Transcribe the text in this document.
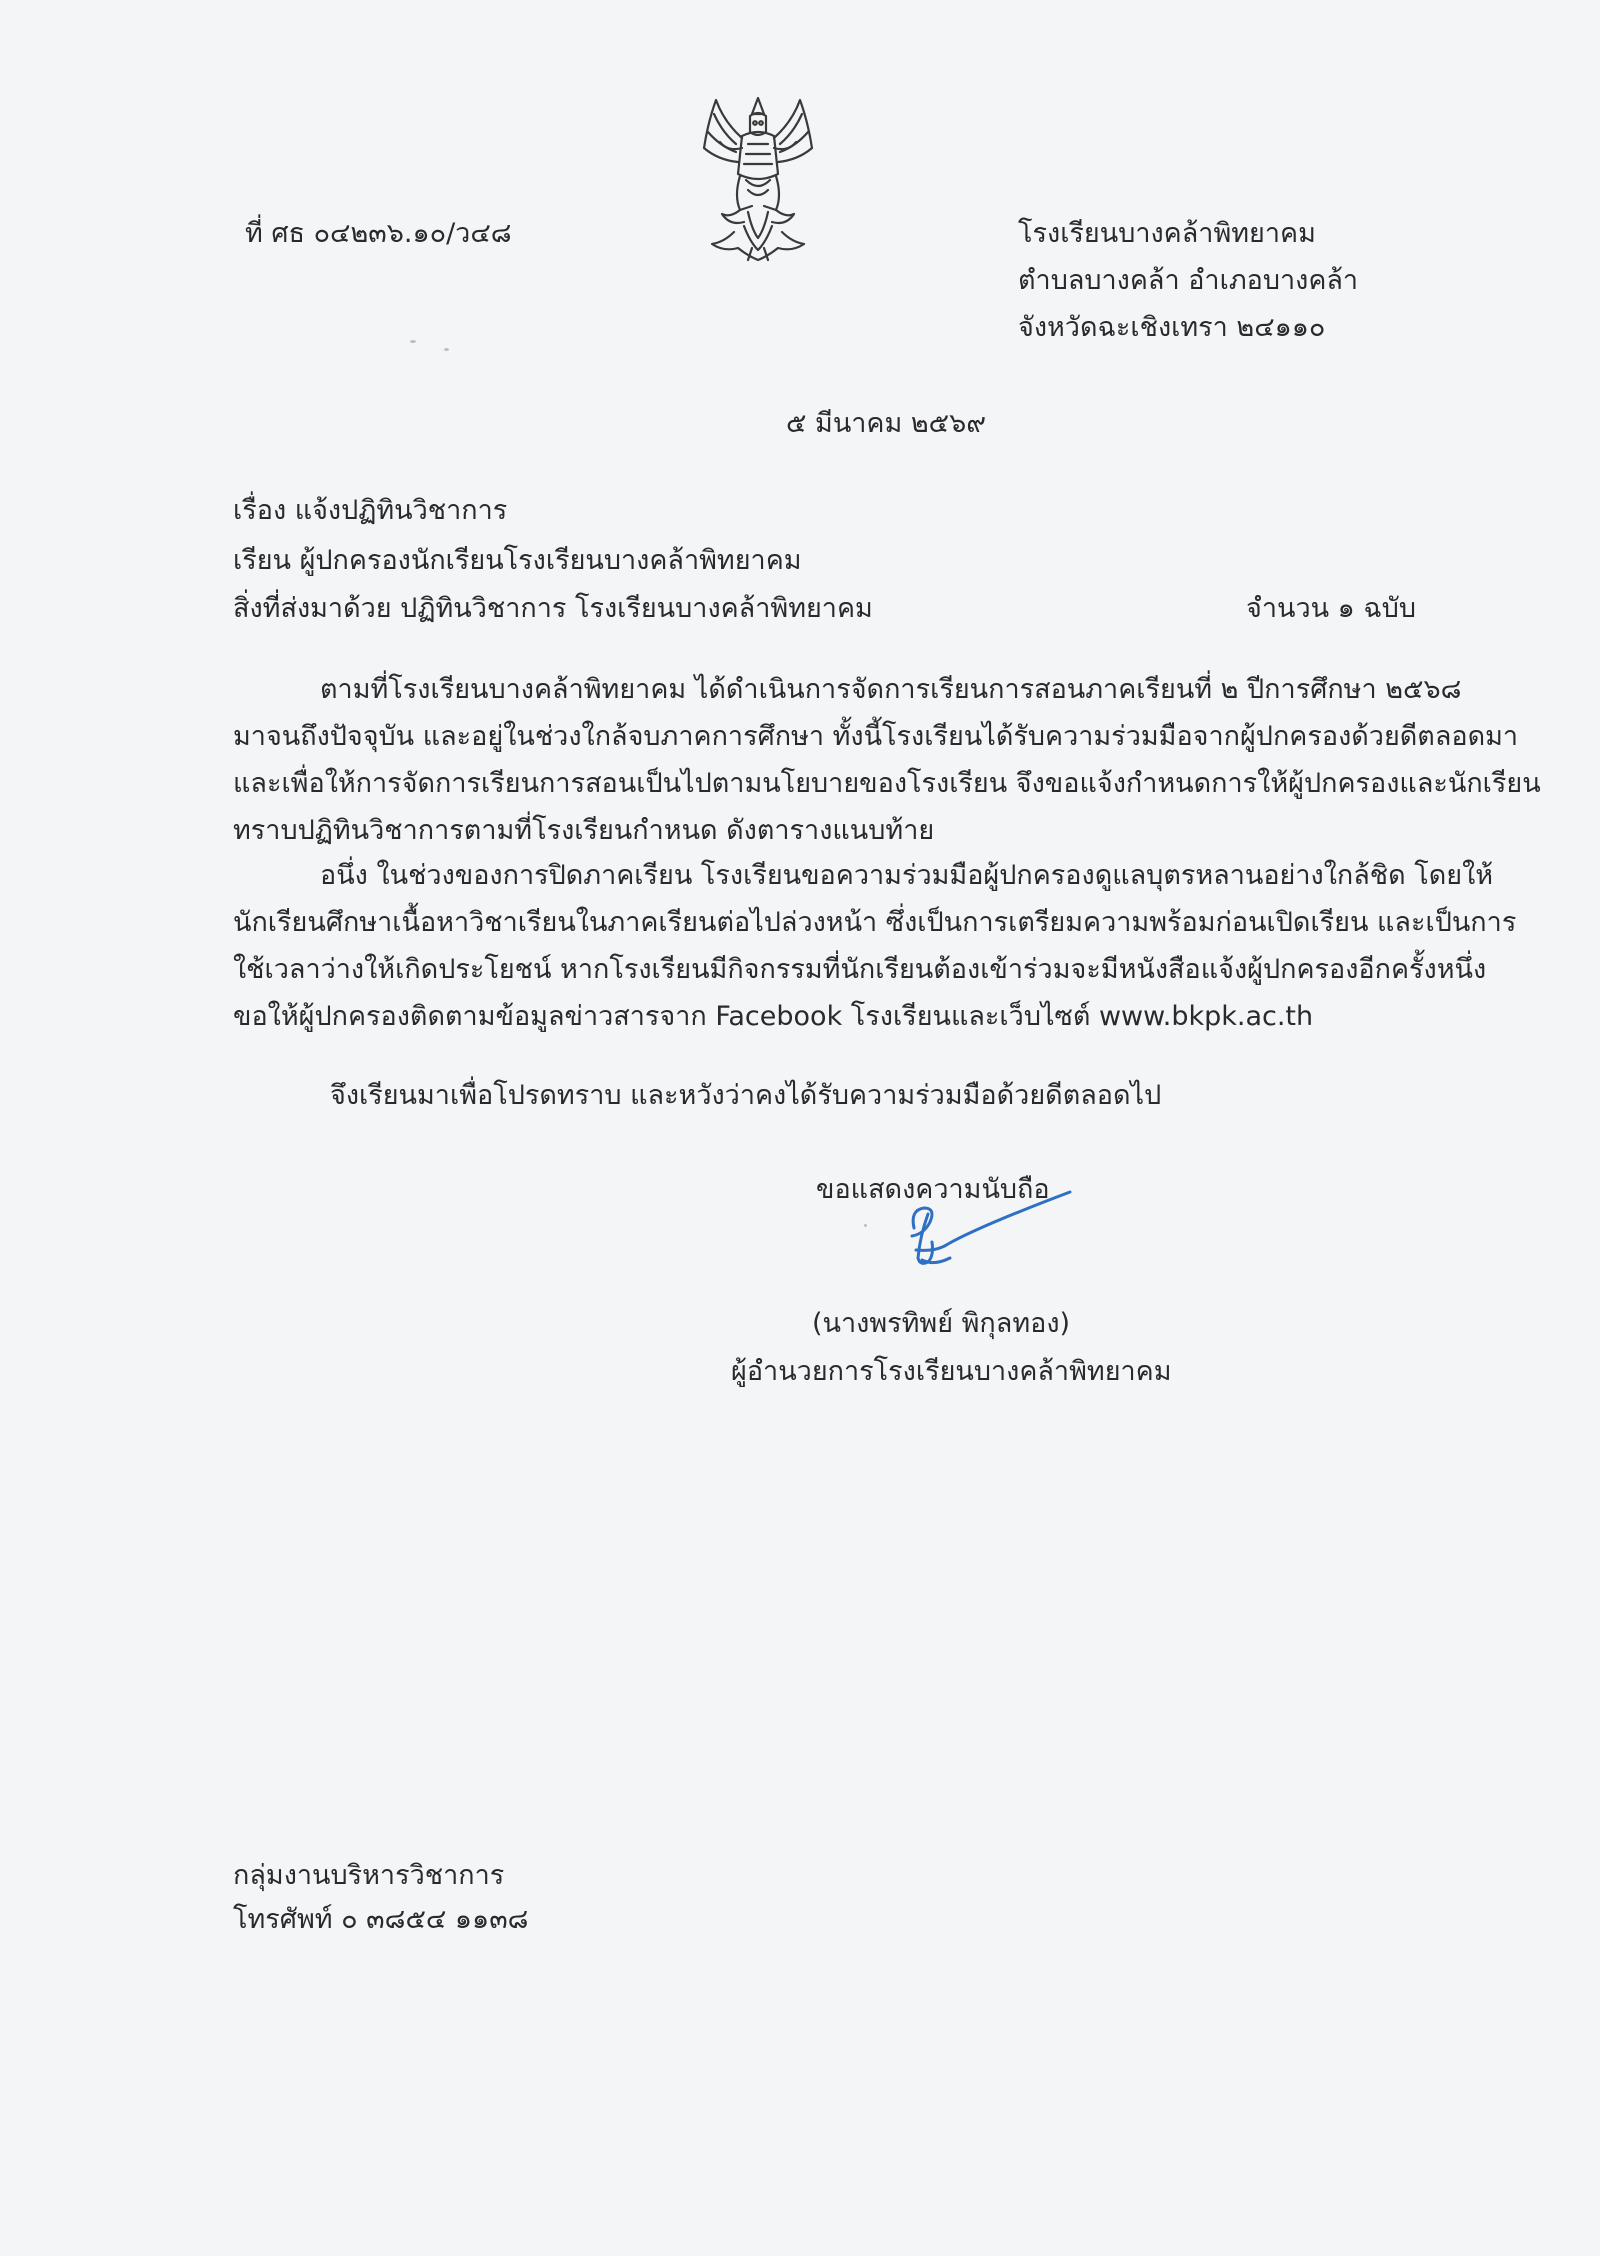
ที่ ศธ ๐๔๒๓๖.๑๐/ว๔๘	โรงเรียนบางคล้าพิทยาคม
ตำบลบางคล้า อำเภอบางคล้า
จังหวัดฉะเชิงเทรา ๒๔๑๑๐
๕ มีนาคม ๒๕๖๙
เรื่อง แจ้งปฏิทินวิชาการ
เรียน ผู้ปกครองนักเรียนโรงเรียนบางคล้าพิทยาคม
สิ่งที่ส่งมาด้วย ปฏิทินวิชาการ โรงเรียนบางคล้าพิทยาคม	จำนวน ๑ ฉบับ
ตามที่โรงเรียนบางคล้าพิทยาคม ได้ดำเนินการจัดการเรียนการสอนภาคเรียนที่ ๒ ปีการศึกษา ๒๕๖๘
มาจนถึงปัจจุบัน และอยู่ในช่วงใกล้จบภาคการศึกษา ทั้งนี้โรงเรียนได้รับความร่วมมือจากผู้ปกครองด้วยดีตลอดมา
และเพื่อให้การจัดการเรียนการสอนเป็นไปตามนโยบายของโรงเรียน จึงขอแจ้งกำหนดการให้ผู้ปกครองและนักเรียน
ทราบปฏิทินวิชาการตามที่โรงเรียนกำหนด ดังตารางแนบท้าย
อนึ่ง ในช่วงของการปิดภาคเรียน โรงเรียนขอความร่วมมือผู้ปกครองดูแลบุตรหลานอย่างใกล้ชิด โดยให้
นักเรียนศึกษาเนื้อหาวิชาเรียนในภาคเรียนต่อไปล่วงหน้า ซึ่งเป็นการเตรียมความพร้อมก่อนเปิดเรียน และเป็นการ
ใช้เวลาว่างให้เกิดประโยชน์ หากโรงเรียนมีกิจกรรมที่นักเรียนต้องเข้าร่วมจะมีหนังสือแจ้งผู้ปกครองอีกครั้งหนึ่ง
ขอให้ผู้ปกครองติดตามข้อมูลข่าวสารจาก Facebook โรงเรียนและเว็บไซต์ www.bkpk.ac.th
จึงเรียนมาเพื่อโปรดทราบ และหวังว่าคงได้รับความร่วมมือด้วยดีตลอดไป
ขอแสดงความนับถือ
(นางพรทิพย์ พิกุลทอง)
ผู้อำนวยการโรงเรียนบางคล้าพิทยาคม
กลุ่มงานบริหารวิชาการ
โทรศัพท์ ๐ ๓๘๕๔ ๑๑๓๘
